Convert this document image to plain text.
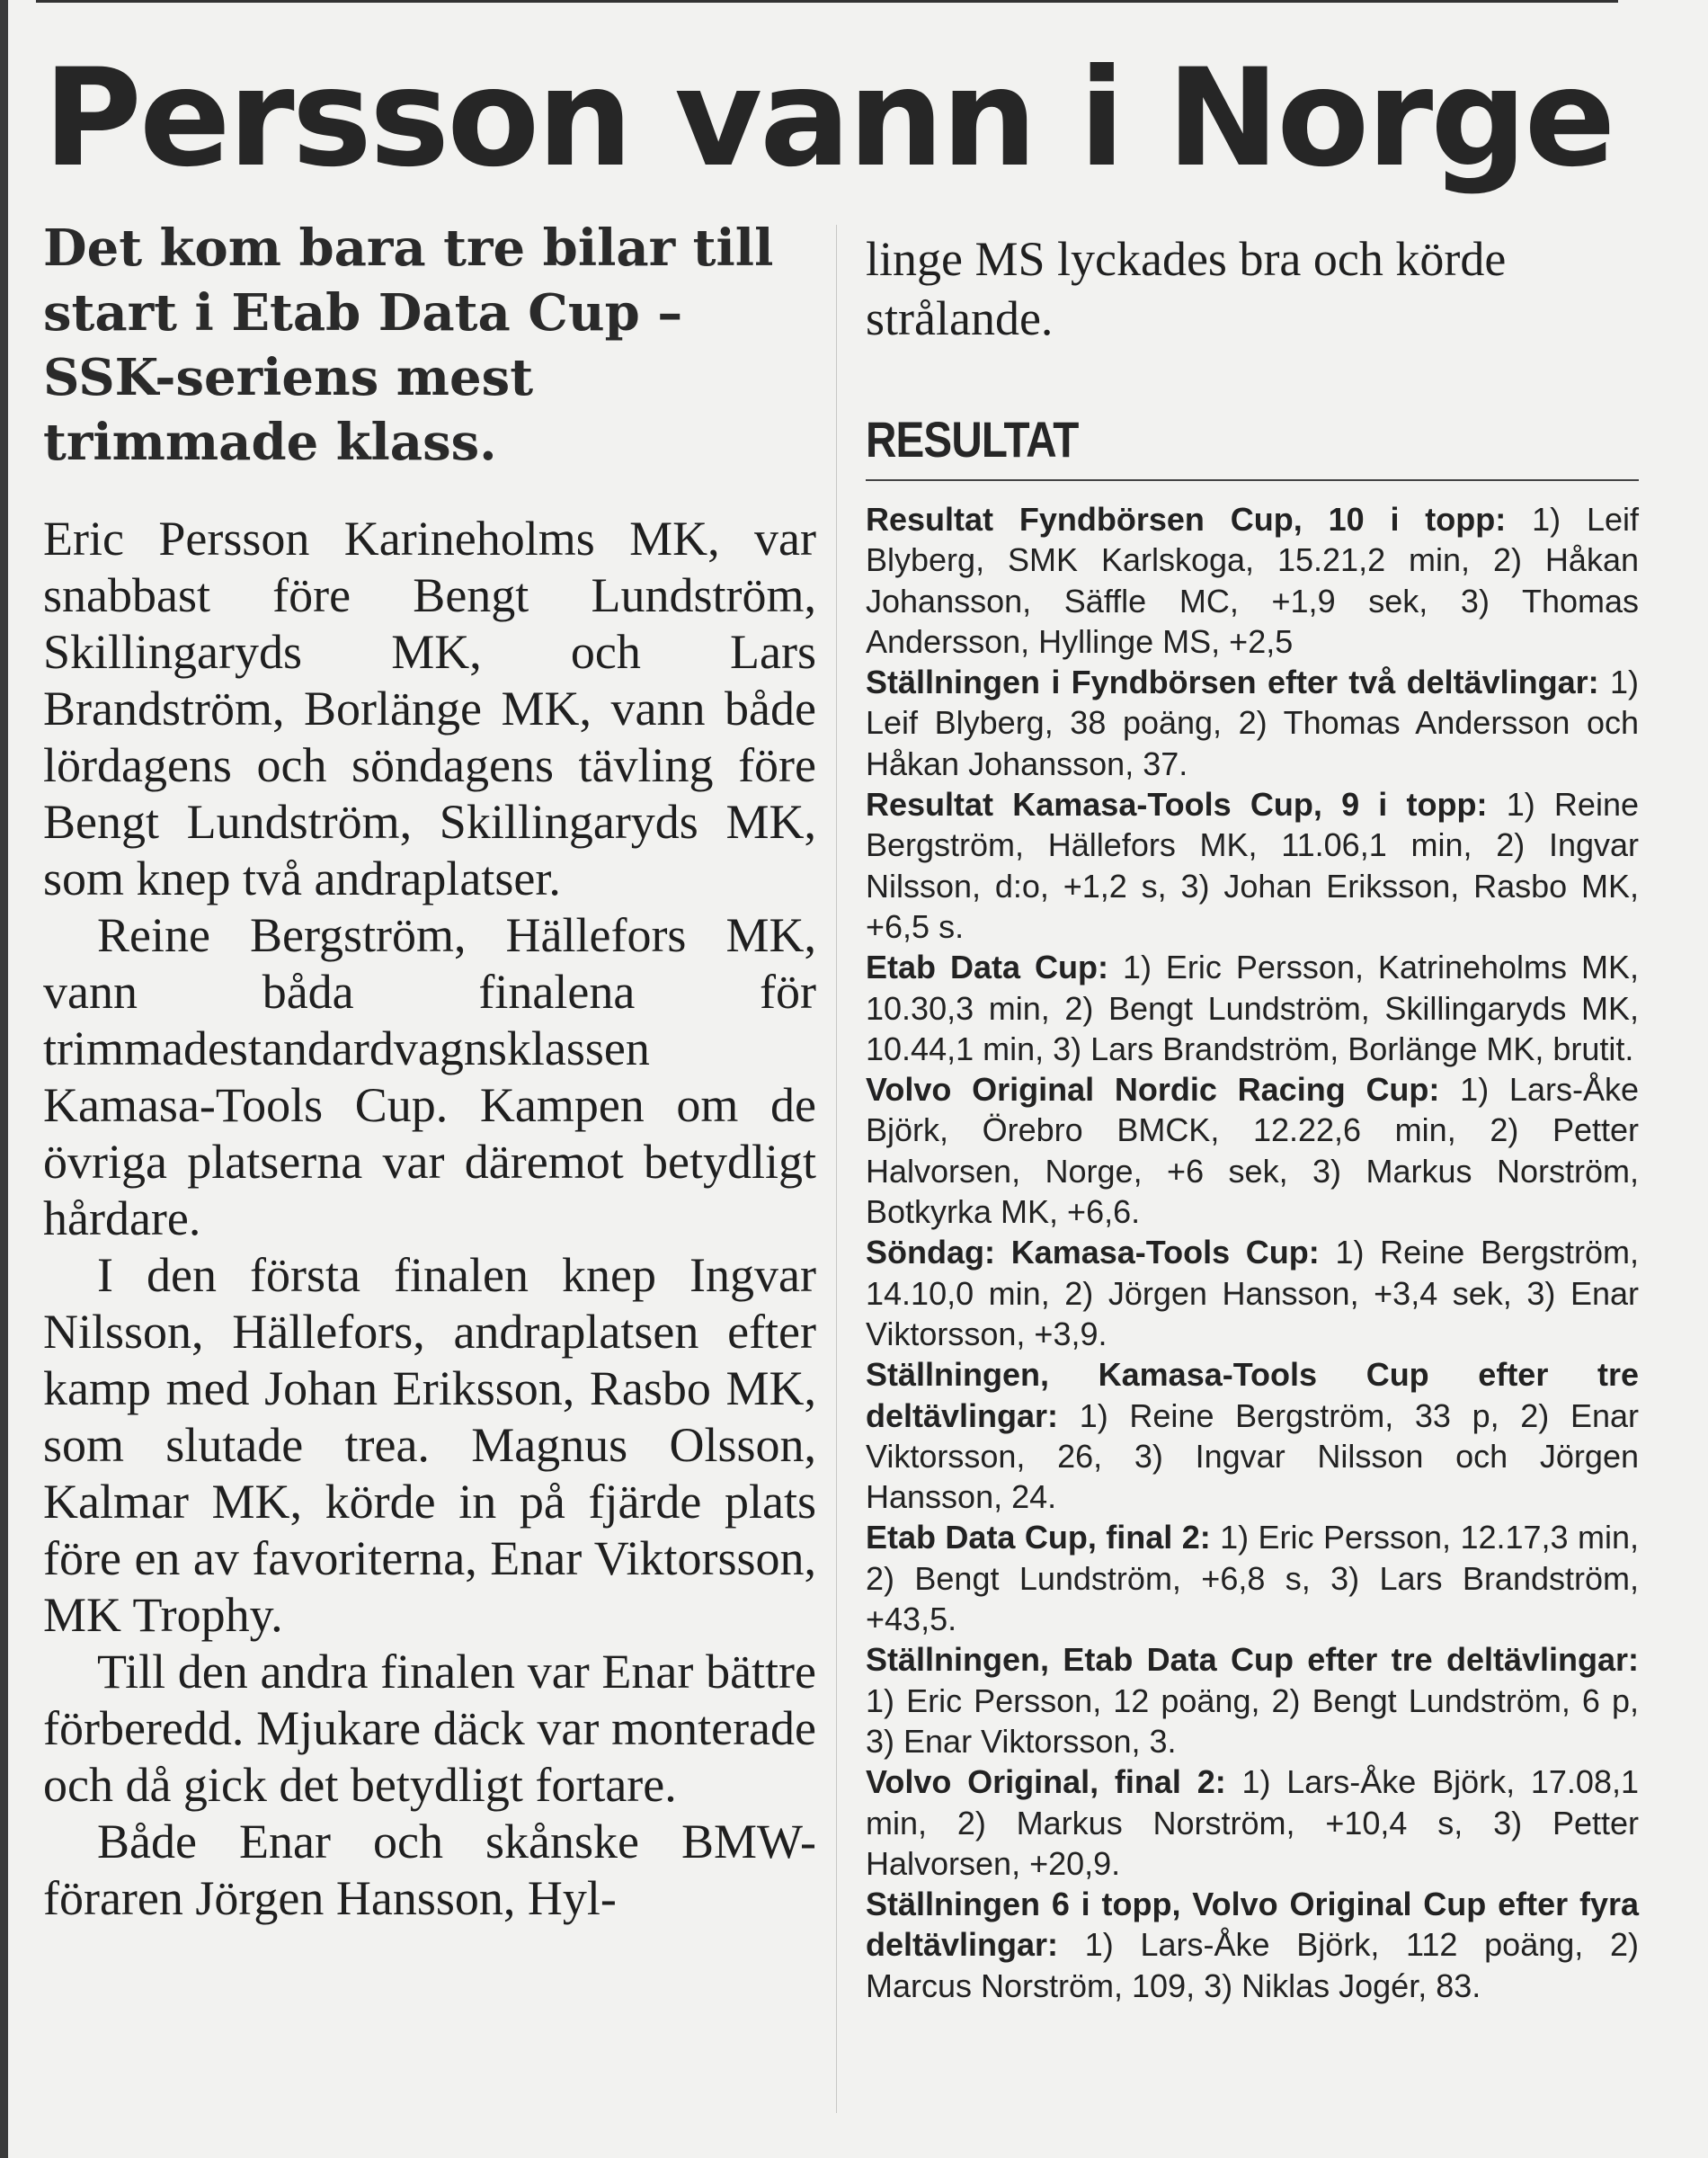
Persson vann i Norge
Det kom bara tre bilar till start i Etab Data Cup – SSK-seriens mest trimmade klass.

Eric Persson Karineholms MK, var snabbast före Bengt Lundström, Skillingaryds MK, och Lars Brandström, Borlänge MK, vann både lördagens och söndagens tävling före Bengt Lundström, Skillingaryds MK, som knep två andraplatser.

Reine Bergström, Hällefors MK, vann båda finalena för trimmadestandardvagnsklassen Kamasa-Tools Cup. Kampen om de övriga platserna var däremot betydligt hårdare.

I den första finalen knep Ingvar Nilsson, Hällefors, andraplatsen efter kamp med Johan Eriksson, Rasbo MK, som slutade trea. Magnus Olsson, Kalmar MK, körde in på fjärde plats före en av favoriterna, Enar Viktorsson, MK Trophy.

Till den andra finalen var Enar bättre förberedd. Mjukare däck var monterade och då gick det betydligt fortare.

Både Enar och skånske BMW-föraren Jörgen Hansson, Hyl-

linge MS lyckades bra och körde strålande.

RESULTAT

Resultat Fyndbörsen Cup, 10 i topp: 1) Leif Blyberg, SMK Karlskoga, 15.21,2 min, 2) Håkan Johansson, Säffle MC, +1,9 sek, 3) Thomas Andersson, Hyllinge MS, +2,5

Ställningen i Fyndbörsen efter två deltävlingar: 1) Leif Blyberg, 38 poäng, 2) Thomas Andersson och Håkan Johansson, 37.

Resultat Kamasa-Tools Cup, 9 i topp: 1) Reine Bergström, Hällefors MK, 11.06,1 min, 2) Ingvar Nilsson, d:o, +1,2 s, 3) Johan Eriksson, Rasbo MK, +6,5 s.

Etab Data Cup: 1) Eric Persson, Katrineholms MK, 10.30,3 min, 2) Bengt Lundström, Skillingaryds MK, 10.44,1 min, 3) Lars Brandström, Borlänge MK, brutit.

Volvo Original Nordic Racing Cup: 1) Lars-Åke Björk, Örebro BMCK, 12.22,6 min, 2) Petter Halvorsen, Norge, +6 sek, 3) Markus Norström, Botkyrka MK, +6,6.

Söndag: Kamasa-Tools Cup: 1) Reine Bergström, 14.10,0 min, 2) Jörgen Hansson, +3,4 sek, 3) Enar Viktorsson, +3,9.

Ställningen, Kamasa-Tools Cup efter tre deltävlingar: 1) Reine Bergström, 33 p, 2) Enar Viktorsson, 26, 3) Ingvar Nilsson och Jörgen Hansson, 24.

Etab Data Cup, final 2: 1) Eric Persson, 12.17,3 min, 2) Bengt Lundström, +6,8 s, 3) Lars Brandström, +43,5.

Ställningen, Etab Data Cup efter tre deltävlingar: 1) Eric Persson, 12 poäng, 2) Bengt Lundström, 6 p, 3) Enar Viktorsson, 3.

Volvo Original, final 2: 1) Lars-Åke Björk, 17.08,1 min, 2) Markus Norström, +10,4 s, 3) Petter Halvorsen, +20,9.

Ställningen 6 i topp, Volvo Original Cup efter fyra deltävlingar: 1) Lars-Åke Björk, 112 poäng, 2) Marcus Norström, 109, 3) Niklas Jogér, 83.
